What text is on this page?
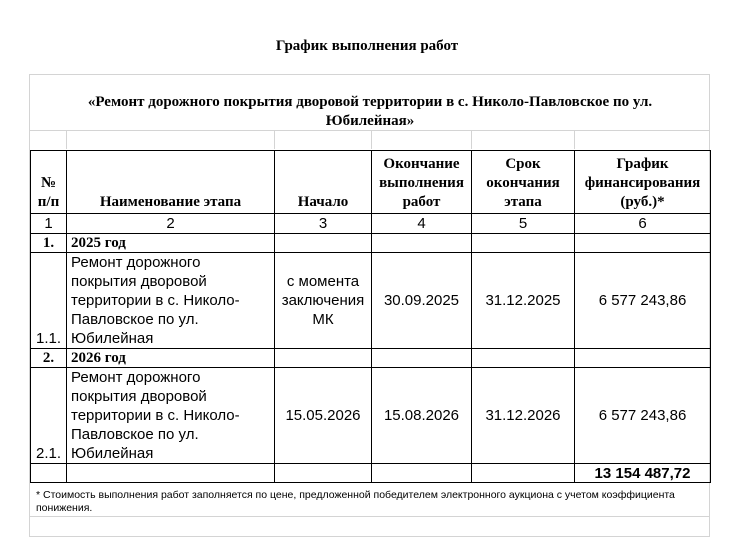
График выполнения работ
«Ремонт дорожного покрытия дворовой территории в с. Николо-Павловское по ул. Юбилейная»
№ п/п	Наименование этапа	Начало	Окончание выполнения работ	Срок окончания этапа	График финансирования (руб.)*
1	2	3	4	5	6
1.	2025 год				
1.1.	Ремонт дорожного покрытия дворовой территории в с. Николо-Павловское по ул. Юбилейная	с момента заключения МК	30.09.2025	31.12.2025	6 577 243,86
2.	2026 год				
2.1.	Ремонт дорожного покрытия дворовой территории в с. Николо-Павловское по ул. Юбилейная	15.05.2026	15.08.2026	31.12.2026	6 577 243,86
					13 154 487,72
* Стоимость выполнения работ заполняется по цене, предложенной победителем электронного аукциона с учетом коэффициента понижения.
